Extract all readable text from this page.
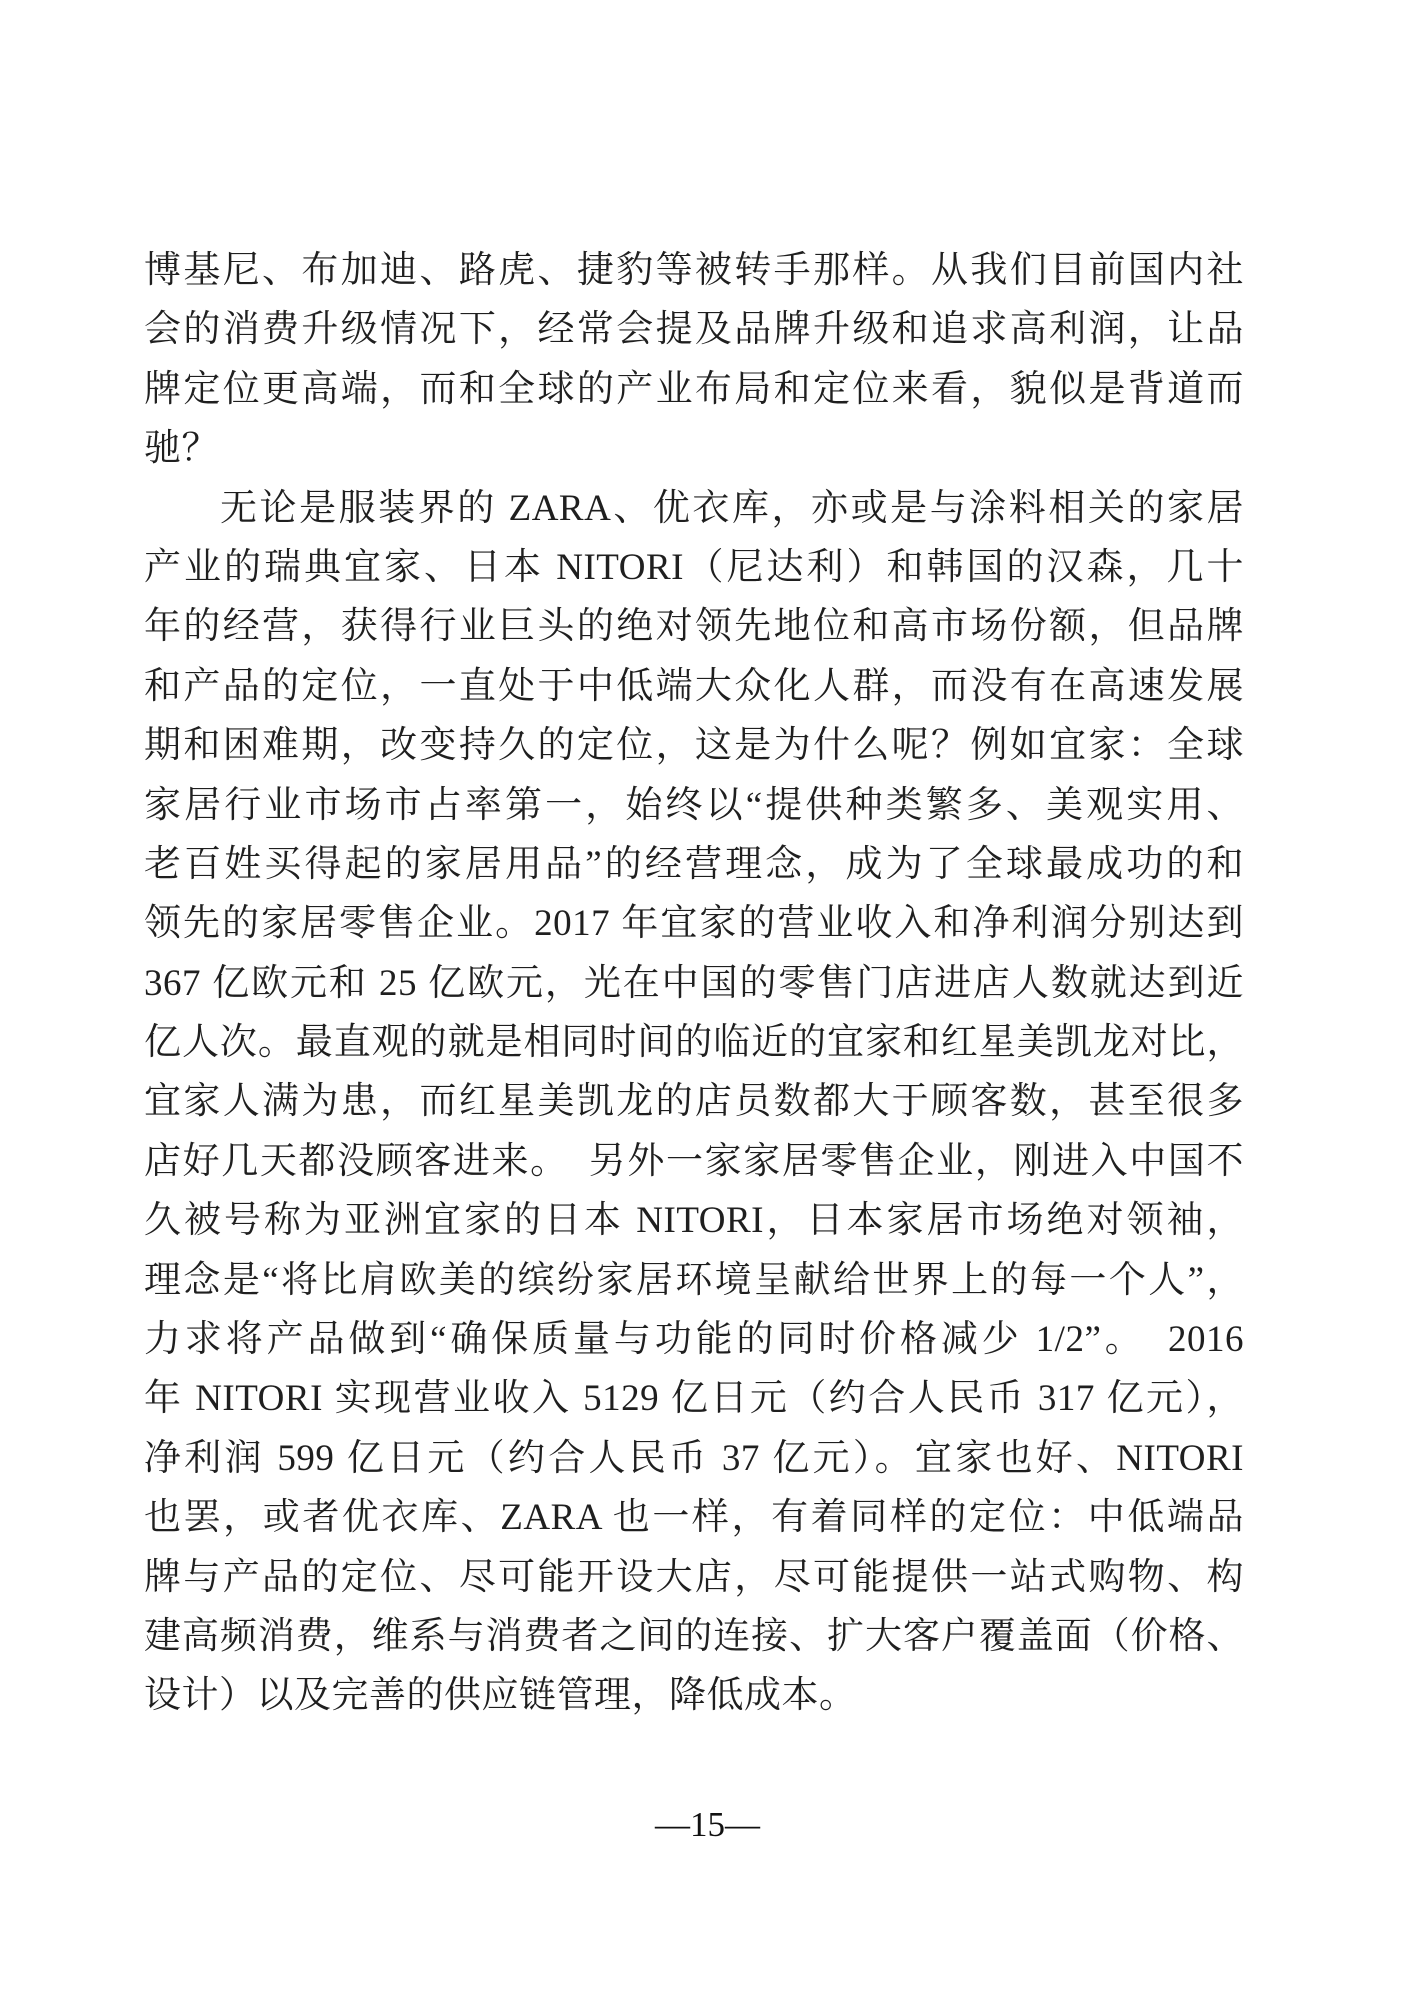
博基尼、布加迪、路虎、捷豹等被转手那样。从我们目前国内社
会的消费升级情况下，经常会提及品牌升级和追求高利润，让品
牌定位更高端，而和全球的产业布局和定位来看，貌似是背道而
驰？
无论是服装界的 ZARA、优衣库，亦或是与涂料相关的家居
产业的瑞典宜家、日本 NITORI（尼达利）和韩国的汉森，几十
年的经营，获得行业巨头的绝对领先地位和高市场份额，但品牌
和产品的定位，一直处于中低端大众化人群，而没有在高速发展
期和困难期，改变持久的定位，这是为什么呢？例如宜家：全球
家居行业市场市占率第一，始终以“提供种类繁多、美观实用、
老百姓买得起的家居用品”的经营理念，成为了全球最成功的和
领先的家居零售企业。2017 年宜家的营业收入和净利润分别达到
367 亿欧元和 25 亿欧元，光在中国的零售门店进店人数就达到近
亿人次。最直观的就是相同时间的临近的宜家和红星美凯龙对比，
宜家人满为患，而红星美凯龙的店员数都大于顾客数，甚至很多
店好几天都没顾客进来。　另外一家家居零售企业，刚进入中国不
久被号称为亚洲宜家的日本 NITORI，日本家居市场绝对领袖，
理念是“将比肩欧美的缤纷家居环境呈献给世界上的每一个人”，
力求将产品做到“确保质量与功能的同时价格减少 1/2”。　2016
年 NITORI 实现营业收入 5129 亿日元（约合人民币 317 亿元），
净利润 599 亿日元（约合人民币 37 亿元）。宜家也好、NITORI
也罢，或者优衣库、ZARA 也一样，有着同样的定位：中低端品
牌与产品的定位、尽可能开设大店，尽可能提供一站式购物、构
建高频消费，维系与消费者之间的连接、扩大客户覆盖面（价格、
设计）以及完善的供应链管理，降低成本。
—15—
